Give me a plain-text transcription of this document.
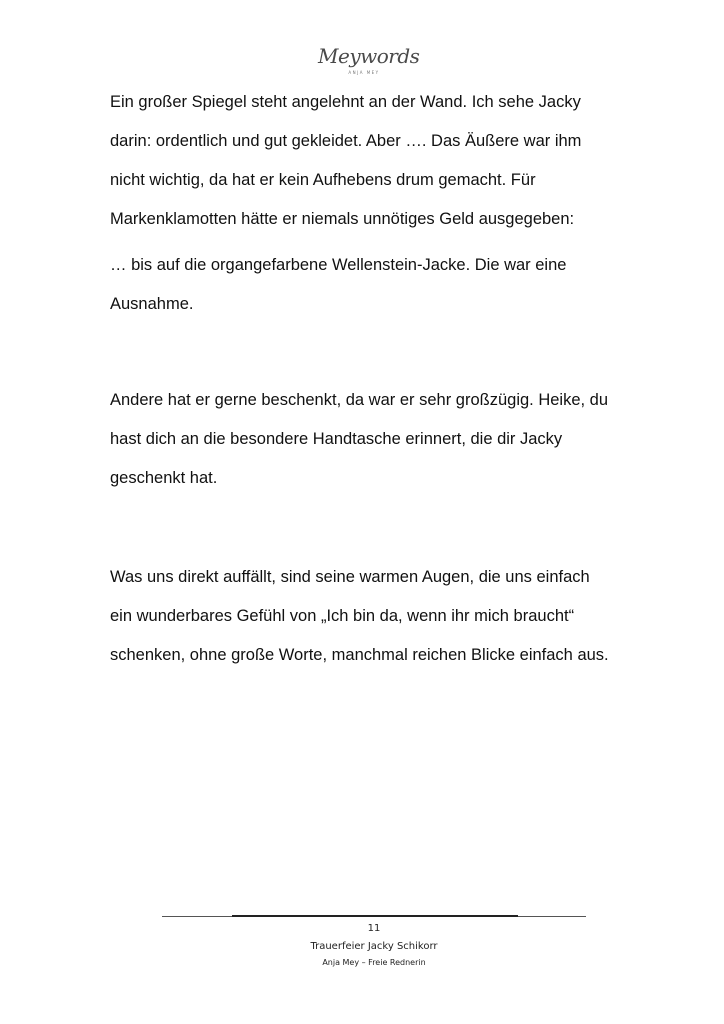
Meywords
ANJA MEY
Ein großer Spiegel steht angelehnt an der Wand. Ich sehe Jacky
darin: ordentlich und gut gekleidet. Aber …. Das Äußere war ihm
nicht wichtig, da hat er kein Aufhebens drum gemacht. Für
Markenklamotten hätte er niemals unnötiges Geld ausgegeben:
… bis auf die organgefarbene Wellenstein-Jacke. Die war eine
Ausnahme.
Andere hat er gerne beschenkt, da war er sehr großzügig. Heike, du
hast dich an die besondere Handtasche erinnert, die dir Jacky
geschenkt hat.
Was uns direkt auffällt, sind seine warmen Augen, die uns einfach
ein wunderbares Gefühl von „Ich bin da, wenn ihr mich braucht“
schenken, ohne große Worte, manchmal reichen Blicke einfach aus.
11
Trauerfeier Jacky Schikorr
Anja Mey – Freie Rednerin
